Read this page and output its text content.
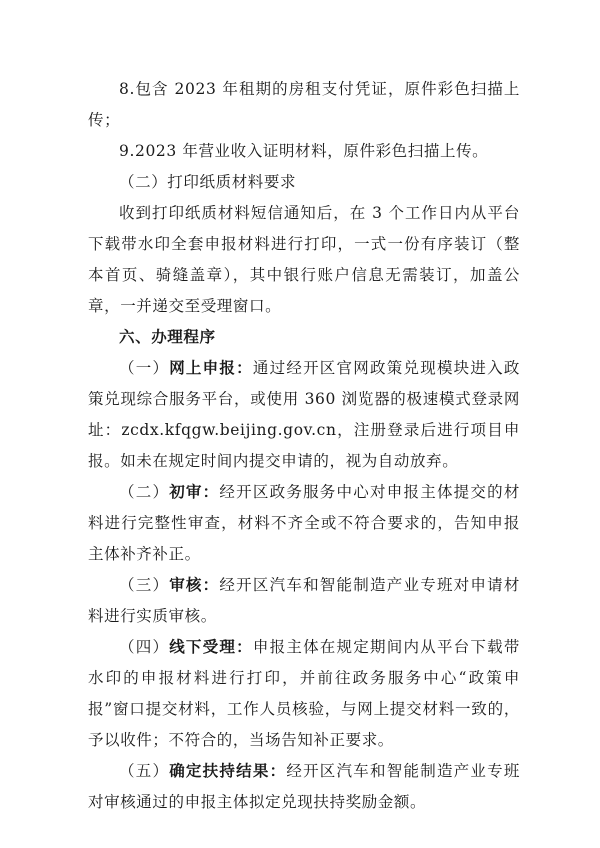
8.包含 2023 年租期的房租支付凭证，原件彩色扫描上传；

9.2023 年营业收入证明材料，原件彩色扫描上传。

（二）打印纸质材料要求

收到打印纸质材料短信通知后，在 3 个工作日内从平台下载带水印全套申报材料进行打印，一式一份有序装订（整本首页、骑缝盖章），其中银行账户信息无需装订，加盖公章，一并递交至受理窗口。

六、办理程序

（一）网上申报：通过经开区官网政策兑现模块进入政策兑现综合服务平台，或使用 360 浏览器的极速模式登录网址：zcdx.kfqgw.beijing.gov.cn，注册登录后进行项目申报。如未在规定时间内提交申请的，视为自动放弃。

（二）初审：经开区政务服务中心对申报主体提交的材料进行完整性审查，材料不齐全或不符合要求的，告知申报主体补齐补正。

（三）审核：经开区汽车和智能制造产业专班对申请材料进行实质审核。

（四）线下受理：申报主体在规定期间内从平台下载带水印的申报材料进行打印，并前往政务服务中心“政策申报”窗口提交材料，工作人员核验，与网上提交材料一致的，予以收件；不符合的，当场告知补正要求。

（五）确定扶持结果：经开区汽车和智能制造产业专班对审核通过的申报主体拟定兑现扶持奖励金额。
